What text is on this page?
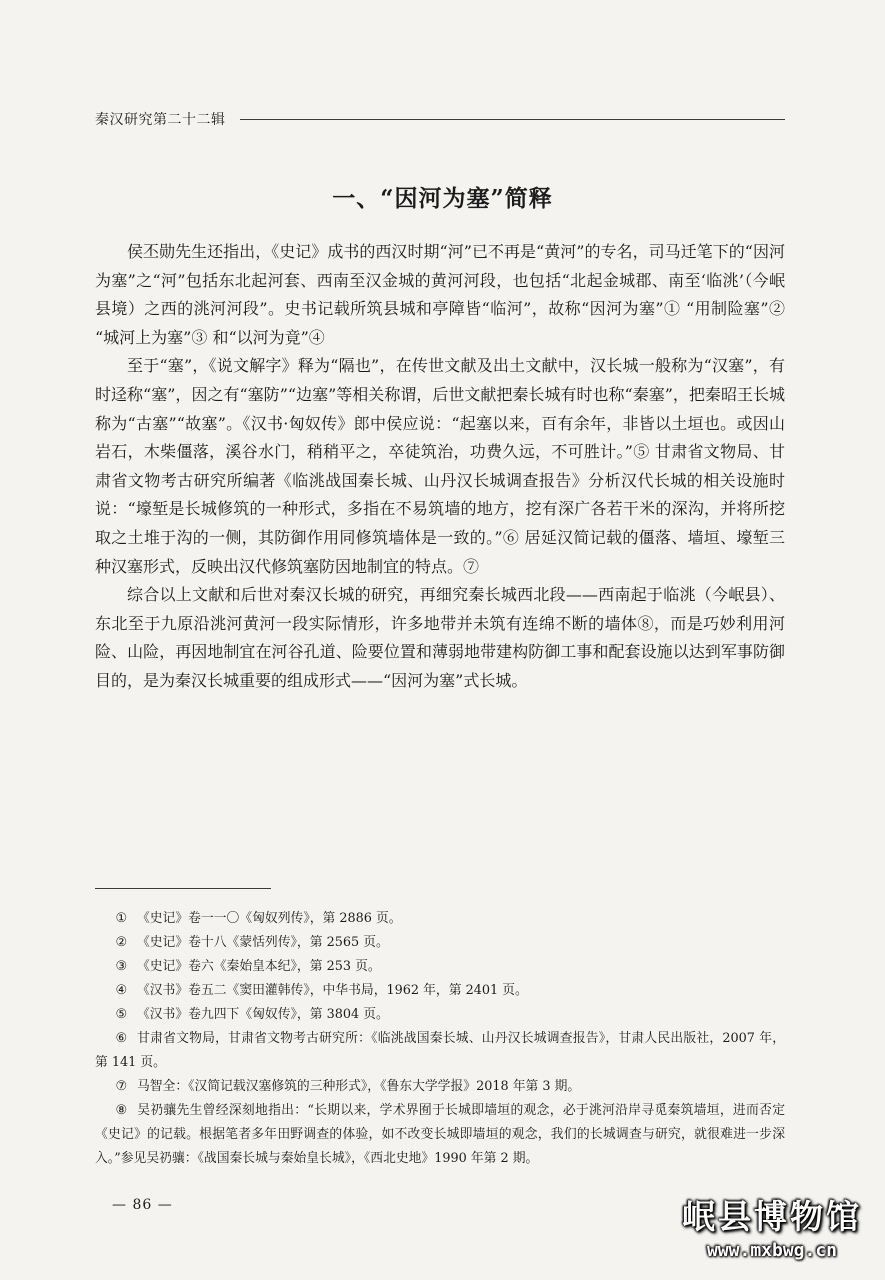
秦汉研究第二十二辑
一、“因河为塞”简释

侯丕勋先生还指出，《史记》成书的西汉时期“河”已不再是“黄河”的专名，司马迁笔下的“因河为塞”之“河”包括东北起河套、西南至汉金城的黄河河段，也包括“北起金城郡、南至‘临洮’（今岷县境）之西的洮河河段”。史书记载所筑县城和亭障皆“临河”，故称“因河为塞”① “用制险塞”② “城河上为塞”③ 和“以河为竟”④

至于“塞”，《说文解字》释为“隔也”，在传世文献及出土文献中，汉长城一般称为“汉塞”，有时迳称“塞”，因之有“塞防”“边塞”等相关称谓，后世文献把秦长城有时也称“秦塞”，把秦昭王长城称为“古塞”“故塞”。《汉书·匈奴传》郎中侯应说：“起塞以来，百有余年，非皆以土垣也。或因山岩石，木柴僵落，溪谷水门，稍稍平之，卒徒筑治，功费久远，不可胜计。”⑤ 甘肃省文物局、甘肃省文物考古研究所编著《临洮战国秦长城、山丹汉长城调查报告》分析汉代长城的相关设施时说：“壕堑是长城修筑的一种形式，多指在不易筑墙的地方，挖有深广各若干米的深沟，并将所挖取之土堆于沟的一侧，其防御作用同修筑墙体是一致的。”⑥ 居延汉简记载的僵落、墙垣、壕堑三种汉塞形式，反映出汉代修筑塞防因地制宜的特点。⑦

综合以上文献和后世对秦汉长城的研究，再细究秦长城西北段——西南起于临洮（今岷县）、东北至于九原沿洮河黄河一段实际情形，许多地带并未筑有连绵不断的墙体⑧，而是巧妙利用河险、山险，再因地制宜在河谷孔道、险要位置和薄弱地带建构防御工事和配套设施以达到军事防御目的，是为秦汉长城重要的组成形式——“因河为塞”式长城。

① 《史记》卷一一〇《匈奴列传》，第 2886 页。
② 《史记》卷十八《蒙恬列传》，第 2565 页。
③ 《史记》卷六《秦始皇本纪》，第 253 页。
④ 《汉书》卷五二《窦田灌韩传》，中华书局，1962 年，第 2401 页。
⑤ 《汉书》卷九四下《匈奴传》，第 3804 页。
⑥ 甘肃省文物局，甘肃省文物考古研究所：《临洮战国秦长城、山丹汉长城调查报告》，甘肃人民出版社，2007 年，第 141 页。
⑦ 马智全：《汉简记载汉塞修筑的三种形式》，《鲁东大学学报》2018 年第 3 期。
⑧ 吴礽骧先生曾经深刻地指出：“长期以来，学术界囿于长城即墙垣的观念，必于洮河沿岸寻觅秦筑墙垣，进而否定《史记》的记载。根据笔者多年田野调查的体验，如不改变长城即墙垣的观念，我们的长城调查与研究，就很难进一步深入。”参见吴礽骧：《战国秦长城与秦始皇长城》，《西北史地》1990 年第 2 期。
— 86 —	岷县博物馆
www.mxbwg.cn
